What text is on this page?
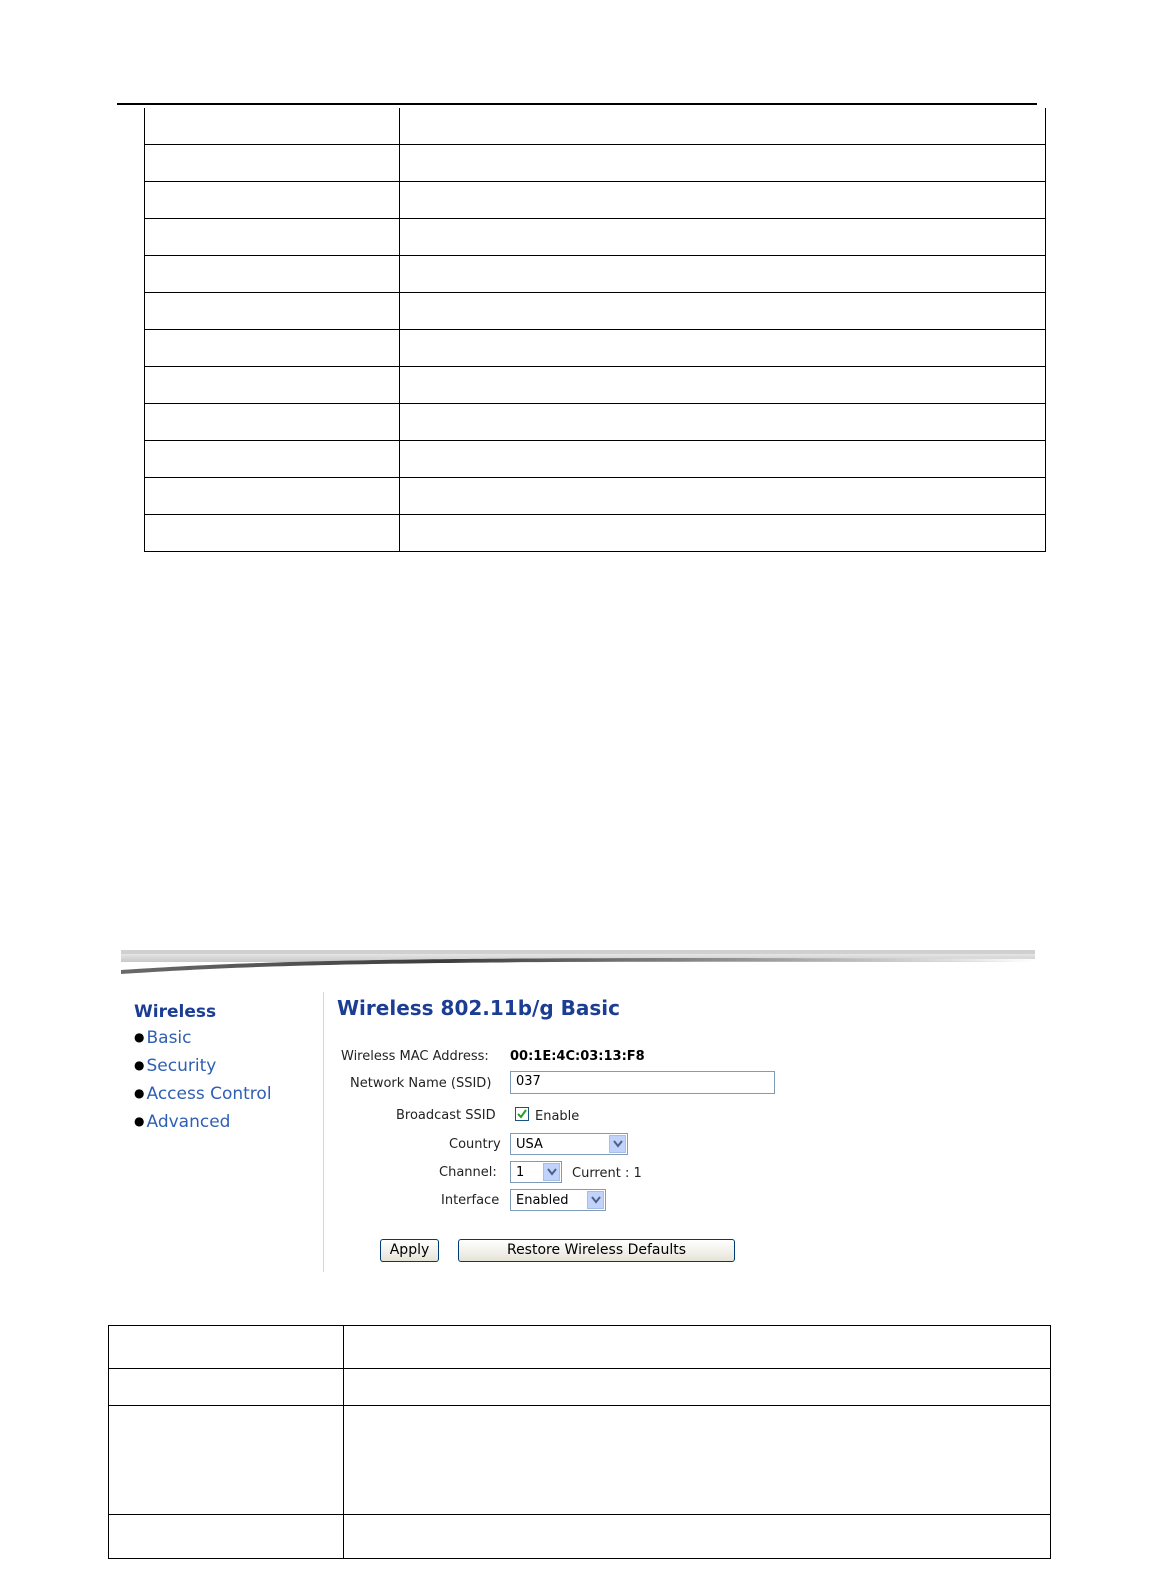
Wireless
● Basic
● Security
● Access Control
● Advanced
Wireless 802.11b/g Basic
Wireless MAC Address: 00:1E:4C:03:13:F8
Network Name (SSID)	037
Broadcast SSID	Enable
Country USA
Channel: 1	Current : 1
Interface Enabled
Apply	Restore Wireless Defaults
